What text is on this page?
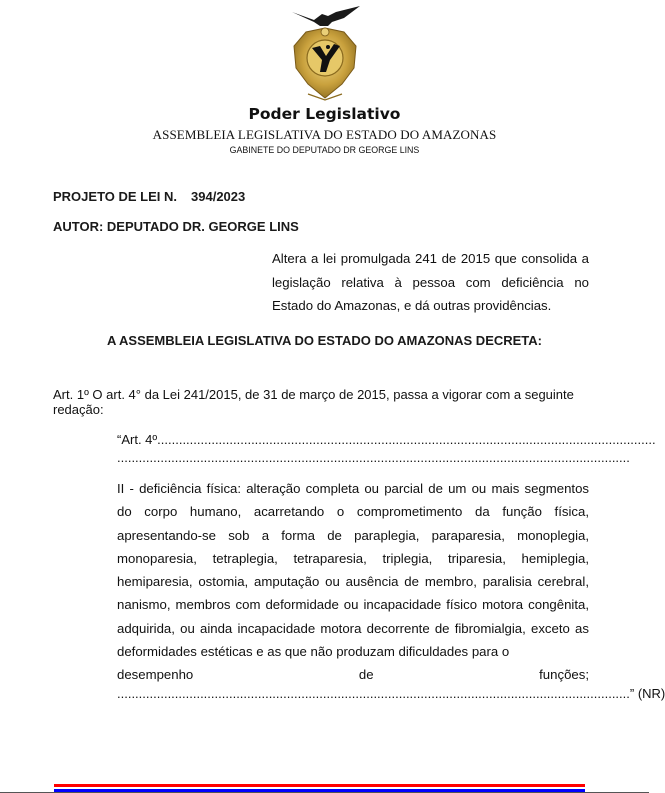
Poder Legislativo
ASSEMBLEIA LEGISLATIVA DO ESTADO DO AMAZONAS
GABINETE DO DEPUTADO DR GEORGE LINS
PROJETO DE LEI N. 394/2023
AUTOR: DEPUTADO DR. GEORGE LINS
Altera a lei promulgada 241 de 2015 que consolida a legislação relativa à pessoa com deficiência no Estado do Amazonas, e dá outras providências.
A ASSEMBLEIA LEGISLATIVA DO ESTADO DO AMAZONAS DECRETA:
Art. 1º O art. 4° da Lei 241/2015, de 31 de março de 2015, passa a vigorar com a seguinte redação:
“Art. 4º..........................................................................................................................................
..............................................................................................................................................
II - deficiência física: alteração completa ou parcial de um ou mais segmentos do corpo humano, acarretando o comprometimento da função física, apresentando-se sob a forma de paraplegia, paraparesia, monoplegia, monoparesia, tetraplegia, tetraparesia, triplegia, triparesia, hemiplegia, hemiparesia, ostomia, amputação ou ausência de membro, paralisia cerebral, nanismo, membros com deformidade ou incapacidade físico motora congênita, adquirida, ou ainda incapacidade motora decorrente de fibromialgia, exceto as deformidades estéticas e as que não produzam dificuldades para o
desempenho de funções;
.............................................................................................................................................. ” (NR)
